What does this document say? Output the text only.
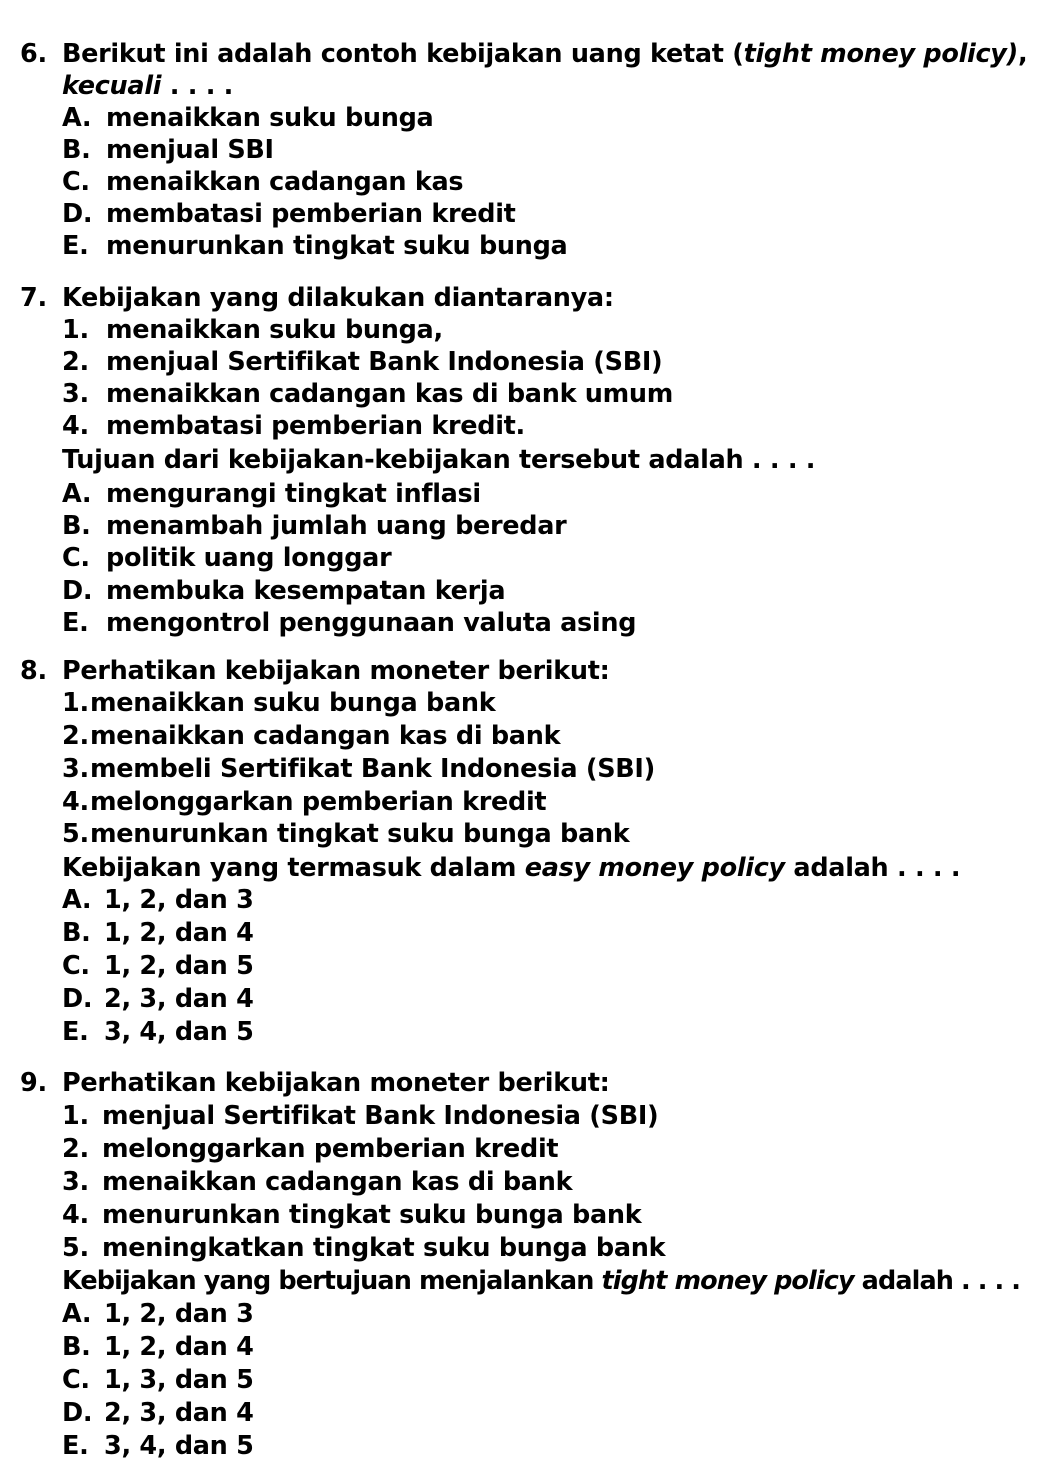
6. Berikut ini adalah contoh kebijakan uang ketat (tight money policy),
kecuali . . . .
A. menaikkan suku bunga
B. menjual SBI
C. menaikkan cadangan kas
D. membatasi pemberian kredit
E. menurunkan tingkat suku bunga
7. Kebijakan yang dilakukan diantaranya:
1. menaikkan suku bunga,
2. menjual Sertifikat Bank Indonesia (SBI)
3. menaikkan cadangan kas di bank umum
4. membatasi pemberian kredit.
Tujuan dari kebijakan-kebijakan tersebut adalah . . . .
A. mengurangi tingkat inflasi
B. menambah jumlah uang beredar
C. politik uang longgar
D. membuka kesempatan kerja
E. mengontrol penggunaan valuta asing
8. Perhatikan kebijakan moneter berikut:
1.menaikkan suku bunga bank
2.menaikkan cadangan kas di bank
3.membeli Sertifikat Bank Indonesia (SBI)
4.melonggarkan pemberian kredit
5.menurunkan tingkat suku bunga bank
Kebijakan yang termasuk dalam easy money policy adalah . . . .
A. 1, 2, dan 3
B. 1, 2, dan 4
C. 1, 2, dan 5
D. 2, 3, dan 4
E. 3, 4, dan 5
9. Perhatikan kebijakan moneter berikut:
1. menjual Sertifikat Bank Indonesia (SBI)
2. melonggarkan pemberian kredit
3. menaikkan cadangan kas di bank
4. menurunkan tingkat suku bunga bank
5. meningkatkan tingkat suku bunga bank
Kebijakan yang bertujuan menjalankan tight money policy adalah . . . .
A. 1, 2, dan 3
B. 1, 2, dan 4
C. 1, 3, dan 5
D. 2, 3, dan 4
E. 3, 4, dan 5
